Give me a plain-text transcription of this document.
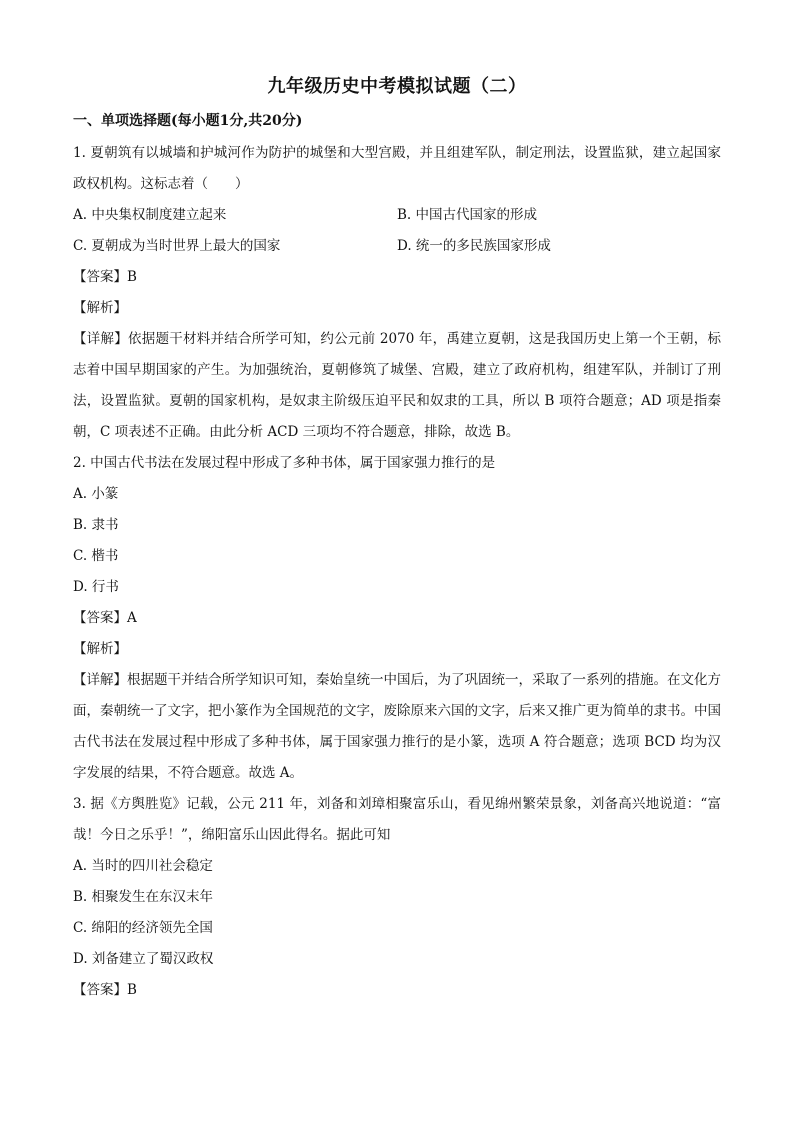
九年级历史中考模拟试题（二）
一、单项选择题(每小题1分,共20分)

1. 夏朝筑有以城墙和护城河作为防护的城堡和大型宫殿，并且组建军队，制定刑法，设置监狱，建立起国家政权机构。这标志着（　　）

A. 中央集权制度建立起来	B. 中国古代国家的形成
C. 夏朝成为当时世界上最大的国家	D. 统一的多民族国家形成
【答案】B
【解析】

【详解】依据题干材料并结合所学可知，约公元前 2070 年，禹建立夏朝，这是我国历史上第一个王朝，标志着中国早期国家的产生。为加强统治，夏朝修筑了城堡、宫殿，建立了政府机构，组建军队，并制订了刑法，设置监狱。夏朝的国家机构，是奴隶主阶级压迫平民和奴隶的工具，所以 B 项符合题意；AD 项是指秦朝，C 项表述不正确。由此分析 ACD 三项均不符合题意，排除，故选 B。

2. 中国古代书法在发展过程中形成了多种书体，属于国家强力推行的是

A. 小篆
B. 隶书
C. 楷书
D. 行书
【答案】A
【解析】

【详解】根据题干并结合所学知识可知，秦始皇统一中国后，为了巩固统一，采取了一系列的措施。在文化方面，秦朝统一了文字，把小篆作为全国规范的文字，废除原来六国的文字，后来又推广更为简单的隶书。中国古代书法在发展过程中形成了多种书体，属于国家强力推行的是小篆，选项 A 符合题意；选项 BCD 均为汉字发展的结果，不符合题意。故选 A。

3. 据《方舆胜览》记载，公元 211 年，刘备和刘璋相聚富乐山，看见绵州繁荣景象，刘备高兴地说道：“富哉！今日之乐乎！”，绵阳富乐山因此得名。据此可知

A. 当时的四川社会稳定
B. 相聚发生在东汉末年
C. 绵阳的经济领先全国
D. 刘备建立了蜀汉政权
【答案】B
